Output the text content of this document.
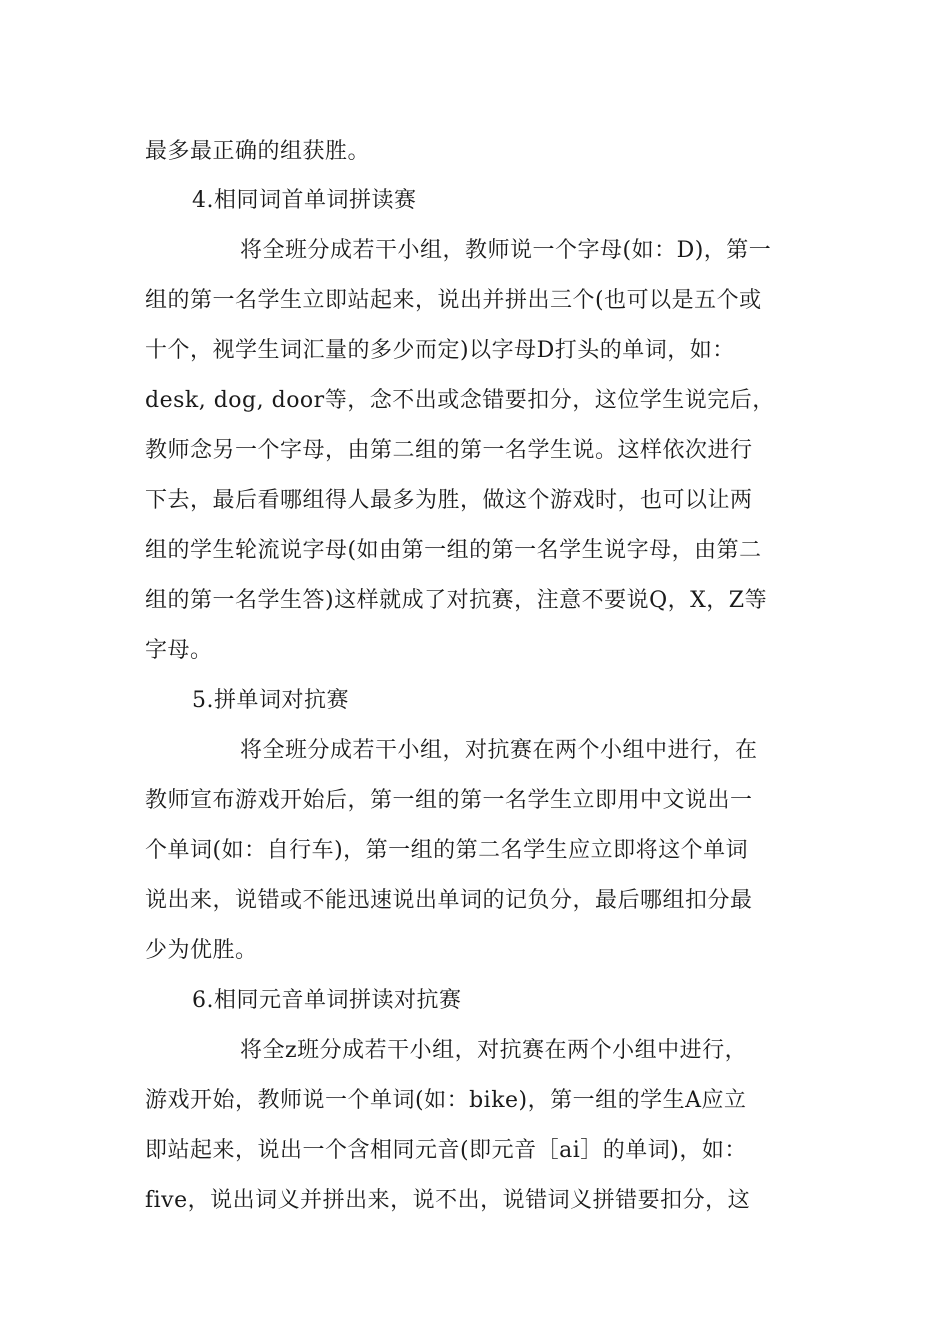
最多最正确的组获胜。
4.相同词首单词拼读赛
将全班分成若干小组，教师说一个字母(如：D)，第一
组的第一名学生立即站起来，说出并拼出三个(也可以是五个或
十个，视学生词汇量的多少而定)以字母D打头的单词，如：
desk, dog, door等，念不出或念错要扣分，这位学生说完后，
教师念另一个字母，由第二组的第一名学生说。这样依次进行
下去，最后看哪组得人最多为胜，做这个游戏时，也可以让两
组的学生轮流说字母(如由第一组的第一名学生说字母，由第二
组的第一名学生答)这样就成了对抗赛，注意不要说Q，X，Z等
字母。
5.拼单词对抗赛
将全班分成若干小组，对抗赛在两个小组中进行，在
教师宣布游戏开始后，第一组的第一名学生立即用中文说出一
个单词(如：自行车)，第一组的第二名学生应立即将这个单词
说出来，说错或不能迅速说出单词的记负分，最后哪组扣分最
少为优胜。
6.相同元音单词拼读对抗赛
将全z班分成若干小组，对抗赛在两个小组中进行，
游戏开始，教师说一个单词(如：bike)，第一组的学生A应立
即站起来，说出一个含相同元音(即元音［ai］的单词)，如：
five，说出词义并拼出来，说不出，说错词义拼错要扣分，这
